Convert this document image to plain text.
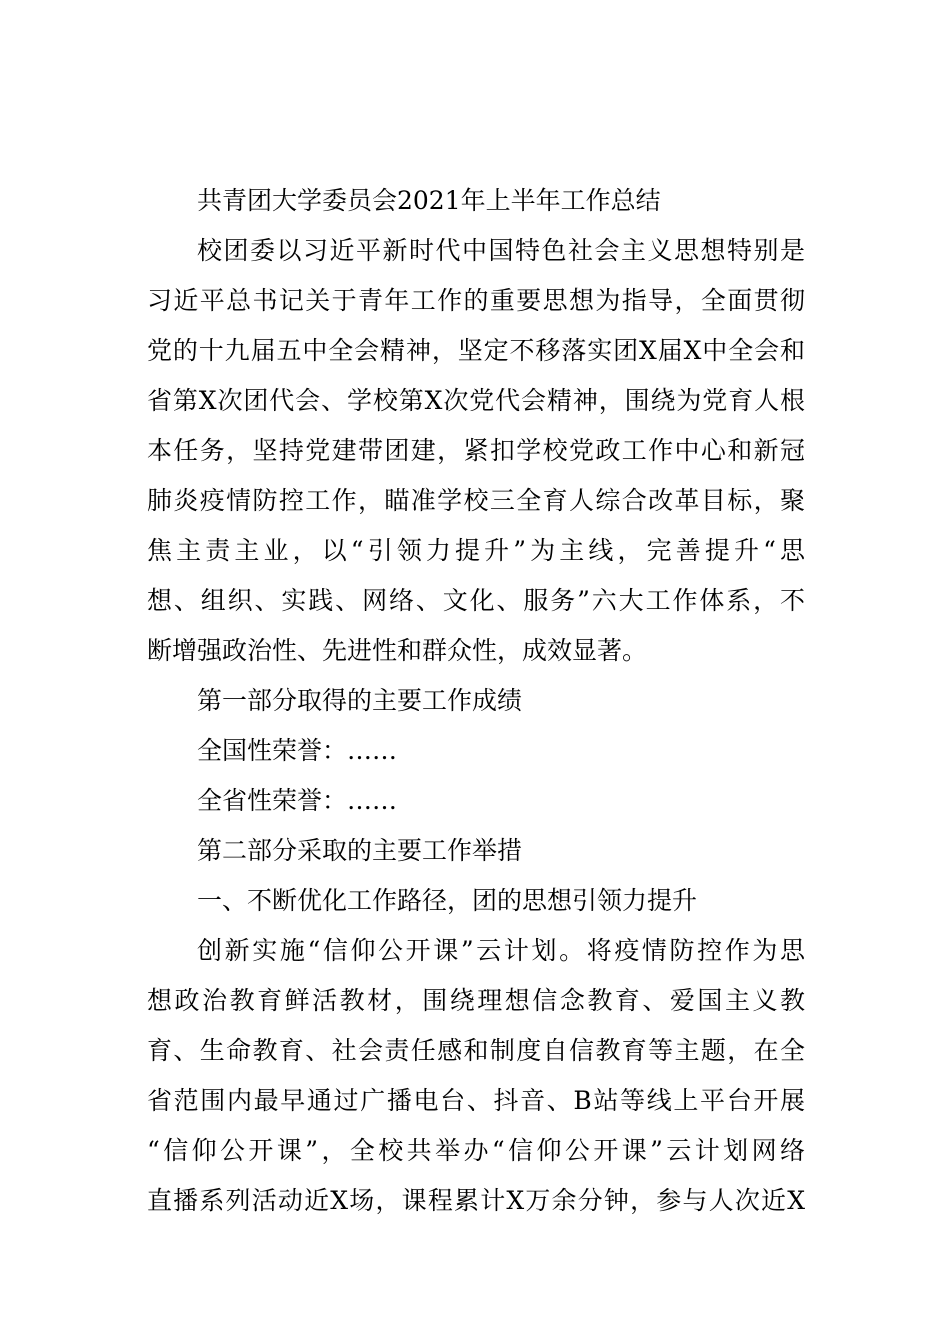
共青团大学委员会2021年上半年工作总结
校团委以习近平新时代中国特色社会主义思想特别是
习近平总书记关于青年工作的重要思想为指导，全面贯彻
党的十九届五中全会精神，坚定不移落实团X届X中全会和
省第X次团代会、学校第X次党代会精神，围绕为党育人根
本任务，坚持党建带团建，紧扣学校党政工作中心和新冠
肺炎疫情防控工作，瞄准学校三全育人综合改革目标，聚
焦主责主业，以“引领力提升”为主线，完善提升“思
想、组织、实践、网络、文化、服务”六大工作体系，不
断增强政治性、先进性和群众性，成效显著。
第一部分取得的主要工作成绩
全国性荣誉：……
全省性荣誉：……
第二部分采取的主要工作举措
一、不断优化工作路径，团的思想引领力提升
创新实施“信仰公开课”云计划。将疫情防控作为思
想政治教育鲜活教材，围绕理想信念教育、爱国主义教
育、生命教育、社会责任感和制度自信教育等主题，在全
省范围内最早通过广播电台、抖音、B站等线上平台开展
“信仰公开课”，全校共举办“信仰公开课”云计划网络
直播系列活动近X场，课程累计X万余分钟，参与人次近X
